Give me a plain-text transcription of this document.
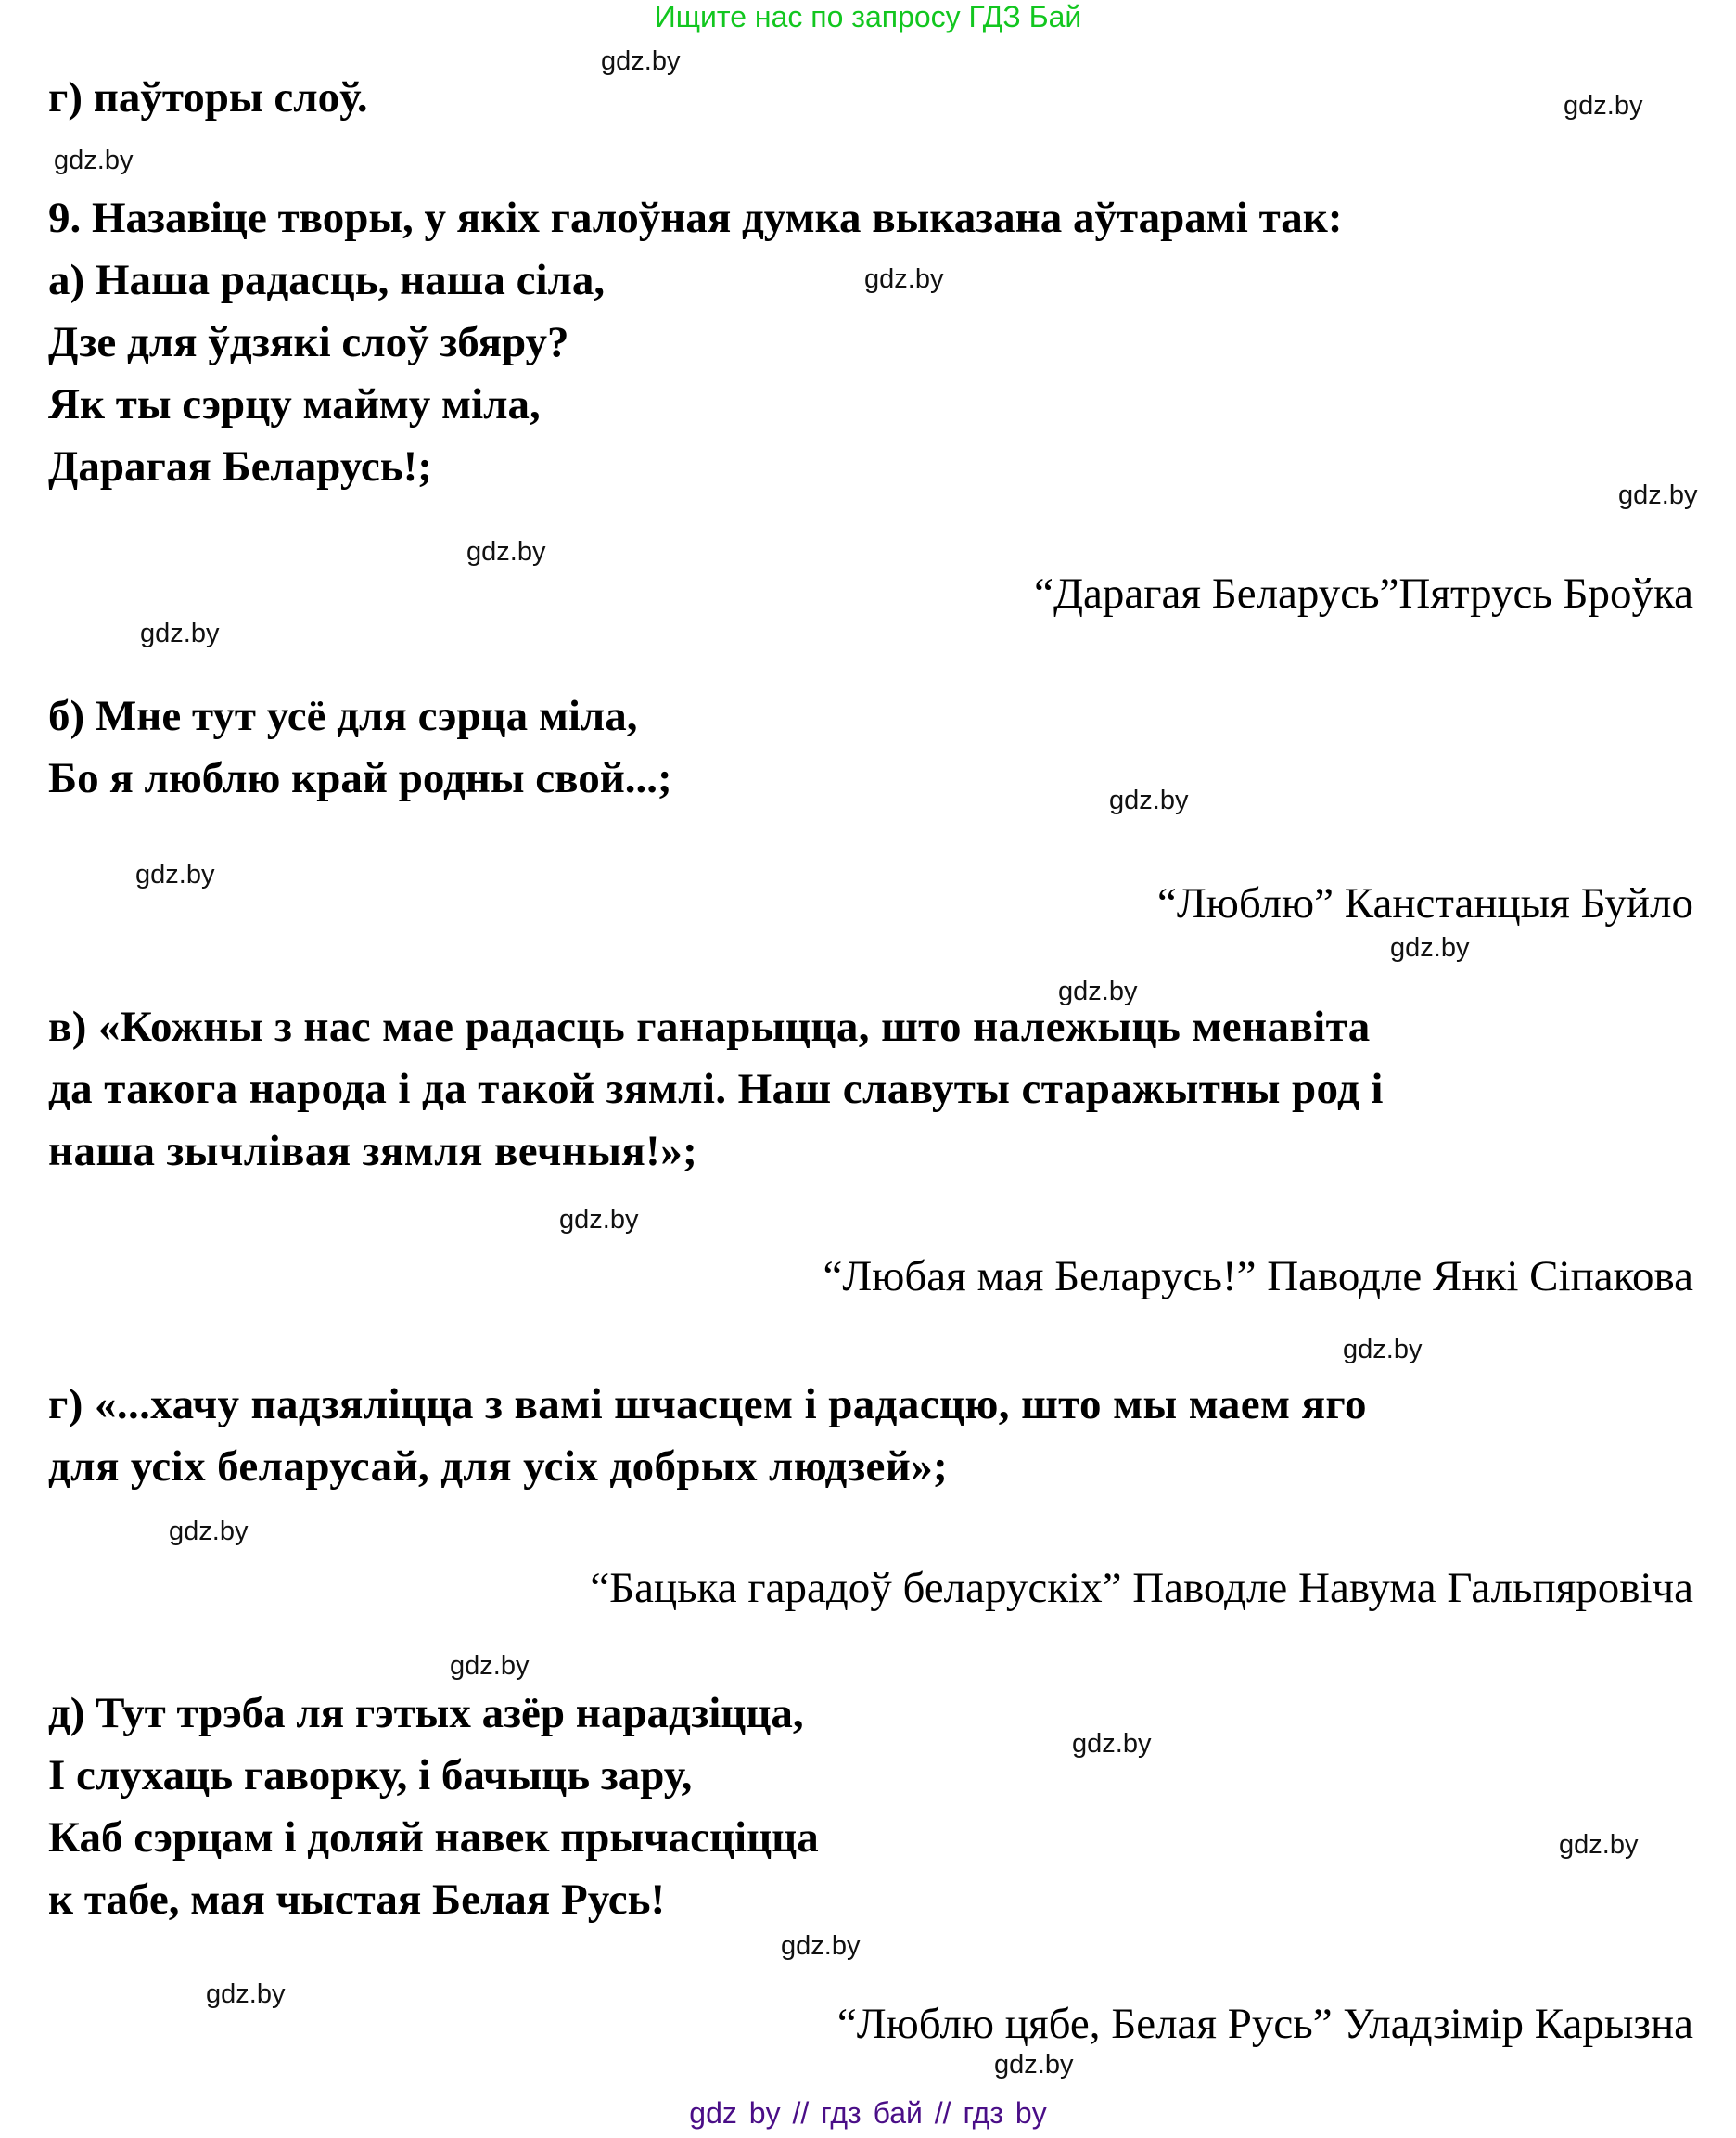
Ищите нас по запросу ГДЗ Бай
gdz.by
gdz.by
gdz.by
gdz.by
gdz.by
gdz.by
gdz.by
gdz.by
gdz.by
gdz.by
gdz.by
gdz.by
gdz.by
gdz.by
gdz.by
gdz.by
gdz.by
gdz.by
gdz.by
gdz.by
г) паўторы слоў.
9. Назавіце творы, у якіх галоўная думка выказана аўтарамі так:
а) Наша радасць, наша сіла,
Дзе для ўдзякі слоў збяру?
Як ты сэрцу майму міла,
Дарагая Беларусь!;
“Дарагая Беларусь”Пятрусь Броўка
б) Мне тут усё для сэрца міла,
Бо я люблю край родны свой...;
“Люблю” Канстанцыя Буйло
в) «Кожны з нас мае радасць ганарыцца, што належыць менавіта
да такога народа і да такой зямлі. Наш славуты старажытны род і
наша зычлівая зямля вечныя!»;
“Любая мая Беларусь!” Паводле Янкі Сіпакова
г) «...хачу падзяліцца з вамі шчасцем і радасцю, што мы маем яго
для усіх беларусай, для усіх добрых людзей»;
“Бацька гарадоў беларускіх” Паводле Навума Гальпяровіча
д) Тут трэба ля гэтых азёр нарадзіцца,
І слухаць гаворку, і бачыць зару,
Каб сэрцам і доляй навек прычасціцца
к табе, мая чыстая Белая Русь!
“Люблю цябе, Белая Русь” Уладзімір Карызна
gdz by // гдз бай // гдз by
